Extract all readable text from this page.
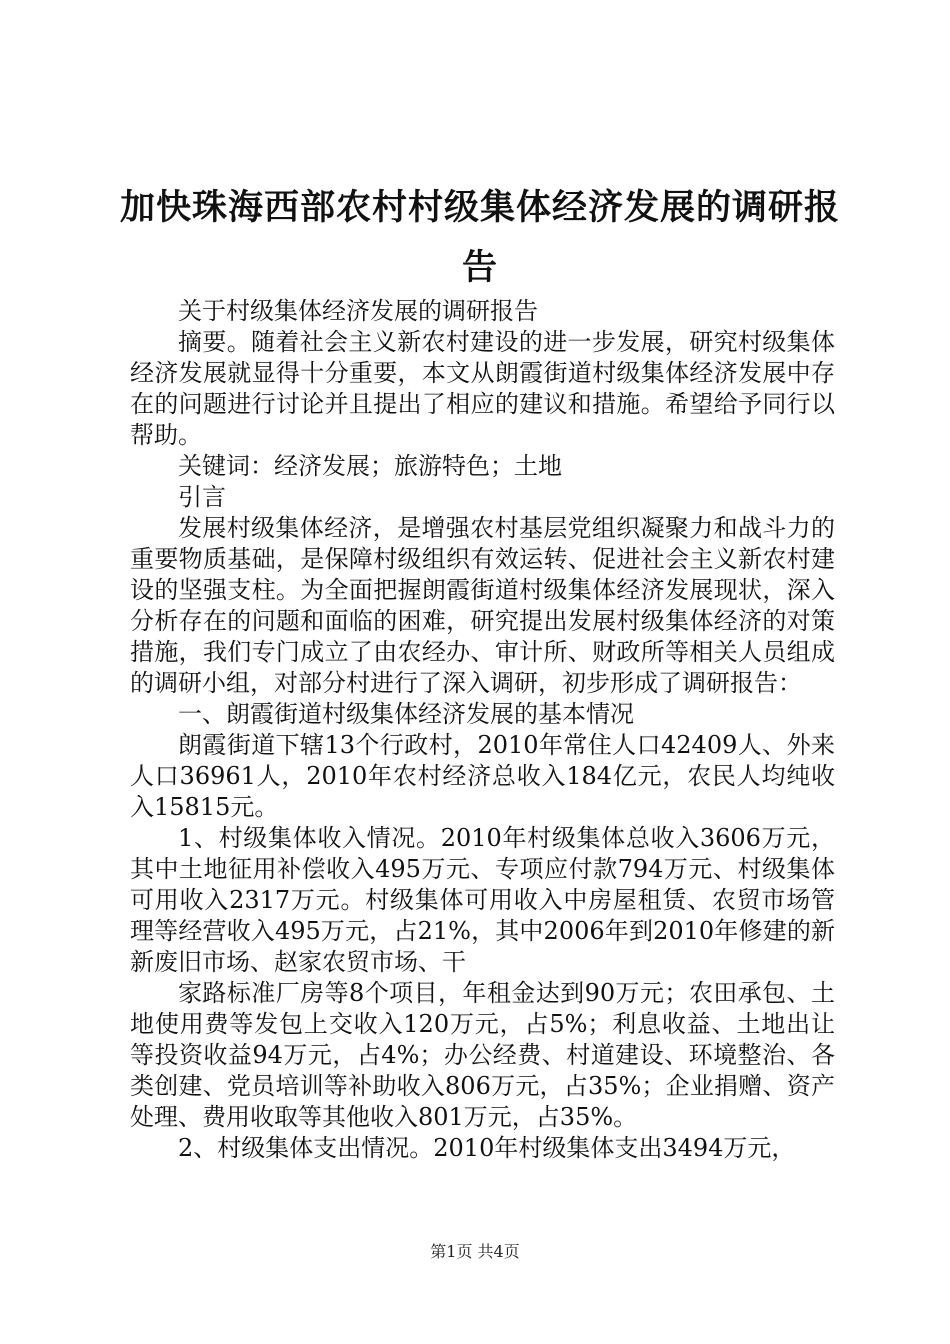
加快珠海西部农村村级集体经济发展的调研报告

关于村级集体经济发展的调研报告

摘要。随着社会主义新农村建设的进一步发展，研究村级集体经济发展就显得十分重要，本文从朗霞街道村级集体经济发展中存在的问题进行讨论并且提出了相应的建议和措施。希望给予同行以帮助。

关键词：经济发展；旅游特色；土地

引言

发展村级集体经济，是增强农村基层党组织凝聚力和战斗力的重要物质基础，是保障村级组织有效运转、促进社会主义新农村建设的坚强支柱。为全面把握朗霞街道村级集体经济发展现状，深入分析存在的问题和面临的困难，研究提出发展村级集体经济的对策措施，我们专门成立了由农经办、审计所、财政所等相关人员组成的调研小组，对部分村进行了深入调研，初步形成了调研报告：

一、朗霞街道村级集体经济发展的基本情况

朗霞街道下辖13个行政村，2010年常住人口42409人、外来人口36961人，2010年农村经济总收入184亿元，农民人均纯收入15815元。

1、村级集体收入情况。2010年村级集体总收入3606万元，其中土地征用补偿收入495万元、专项应付款794万元、村级集体可用收入2317万元。村级集体可用收入中房屋租赁、农贸市场管理等经营收入495万元，占21%，其中2006年到2010年修建的新新废旧市场、赵家农贸市场、干

家路标准厂房等8个项目，年租金达到90万元；农田承包、土地使用费等发包上交收入120万元，占5%；利息收益、土地出让等投资收益94万元，占4%；办公经费、村道建设、环境整治、各类创建、党员培训等补助收入806万元，占35%；企业捐赠、资产处理、费用收取等其他收入801万元，占35%。

2、村级集体支出情况。2010年村级集体支出3494万元，

第1页 共4页
